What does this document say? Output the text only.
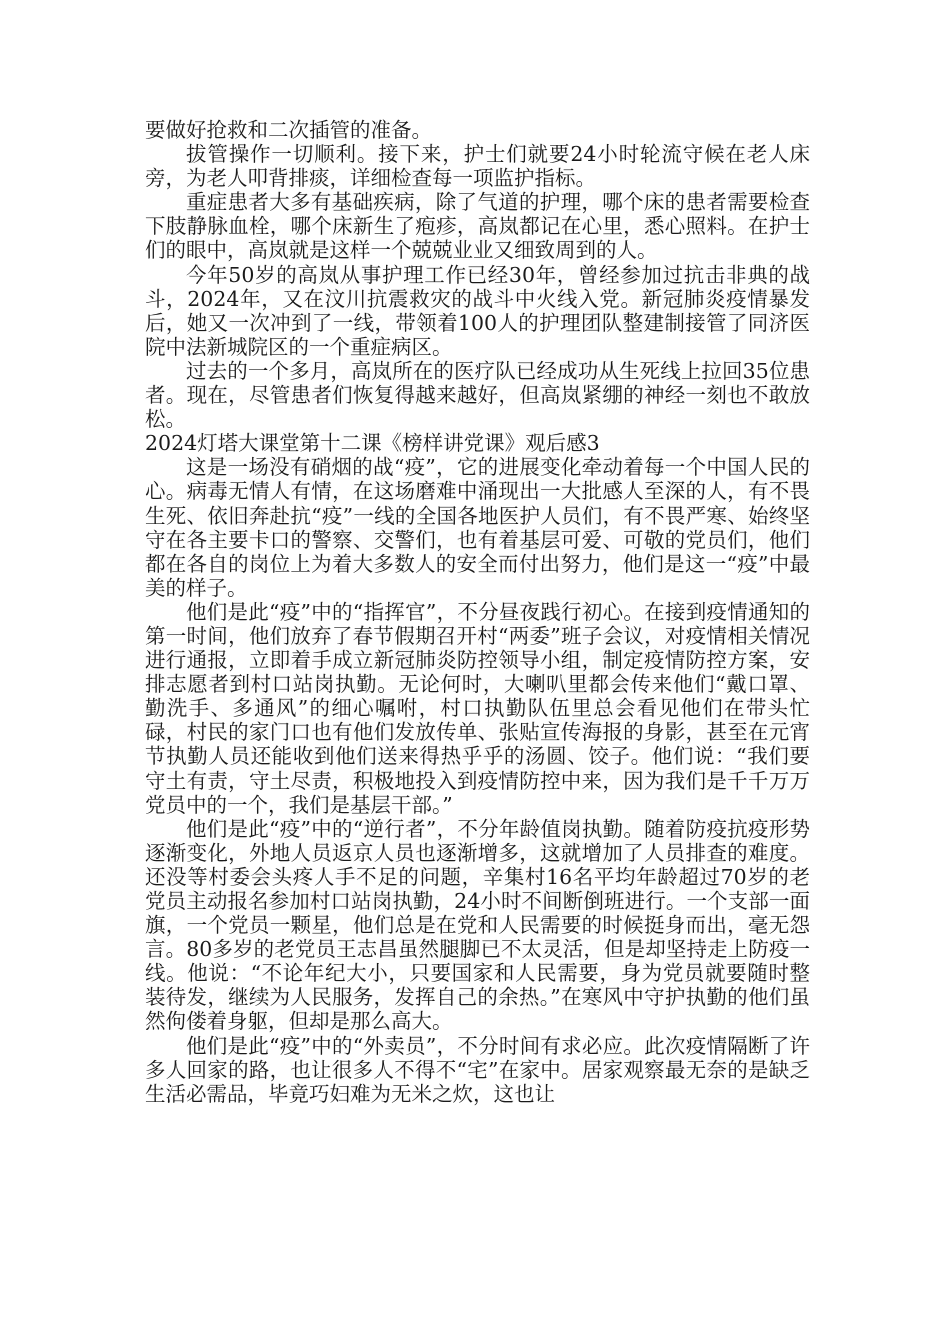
要做好抢救和二次插管的准备。

拔管操作一切顺利。接下来，护士们就要24小时轮流守候在老人床旁，为老人叩背排痰，详细检查每一项监护指标。

重症患者大多有基础疾病，除了气道的护理，哪个床的患者需要检查下肢静脉血栓，哪个床新生了疱疹，高岚都记在心里，悉心照料。在护士们的眼中，高岚就是这样一个兢兢业业又细致周到的人。

今年50岁的高岚从事护理工作已经30年，曾经参加过抗击非典的战斗，2024年，又在汶川抗震救灾的战斗中火线入党。新冠肺炎疫情暴发后，她又一次冲到了一线，带领着100人的护理团队整建制接管了同济医院中法新城院区的一个重症病区。

过去的一个多月，高岚所在的医疗队已经成功从生死线上拉回35位患者。现在，尽管患者们恢复得越来越好，但高岚紧绷的神经一刻也不敢放松。

2024灯塔大课堂第十二课《榜样讲党课》观后感3

这是一场没有硝烟的战“疫”，它的进展变化牵动着每一个中国人民的心。病毒无情人有情，在这场磨难中涌现出一大批感人至深的人，有不畏生死、依旧奔赴抗“疫”一线的全国各地医护人员们，有不畏严寒、始终坚守在各主要卡口的警察、交警们，也有着基层可爱、可敬的党员们，他们都在各自的岗位上为着大多数人的安全而付出努力，他们是这一“疫”中最美的样子。

他们是此“疫”中的“指挥官”，不分昼夜践行初心。在接到疫情通知的第一时间，他们放弃了春节假期召开村“两委”班子会议，对疫情相关情况进行通报，立即着手成立新冠肺炎防控领导小组，制定疫情防控方案，安排志愿者到村口站岗执勤。无论何时，大喇叭里都会传来他们“戴口罩、勤洗手、多通风”的细心嘱咐，村口执勤队伍里总会看见他们在带头忙碌，村民的家门口也有他们发放传单、张贴宣传海报的身影，甚至在元宵节执勤人员还能收到他们送来得热乎乎的汤圆、饺子。他们说：“我们要守土有责，守土尽责，积极地投入到疫情防控中来，因为我们是千千万万党员中的一个，我们是基层干部。”

他们是此“疫”中的“逆行者”，不分年龄值岗执勤。随着防疫抗疫形势逐渐变化，外地人员返京人员也逐渐增多，这就增加了人员排查的难度。还没等村委会头疼人手不足的问题，辛集村16名平均年龄超过70岁的老党员主动报名参加村口站岗执勤，24小时不间断倒班进行。一个支部一面旗，一个党员一颗星，他们总是在党和人民需要的时候挺身而出，毫无怨言。80多岁的老党员王志昌虽然腿脚已不太灵活，但是却坚持走上防疫一线。他说：“不论年纪大小，只要国家和人民需要，身为党员就要随时整装待发，继续为人民服务，发挥自己的余热。”在寒风中守护执勤的他们虽然佝偻着身躯，但却是那么高大。

他们是此“疫”中的“外卖员”，不分时间有求必应。此次疫情隔断了许多人回家的路，也让很多人不得不“宅”在家中。居家观察最无奈的是缺乏生活必需品，毕竟巧妇难为无米之炊，这也让
